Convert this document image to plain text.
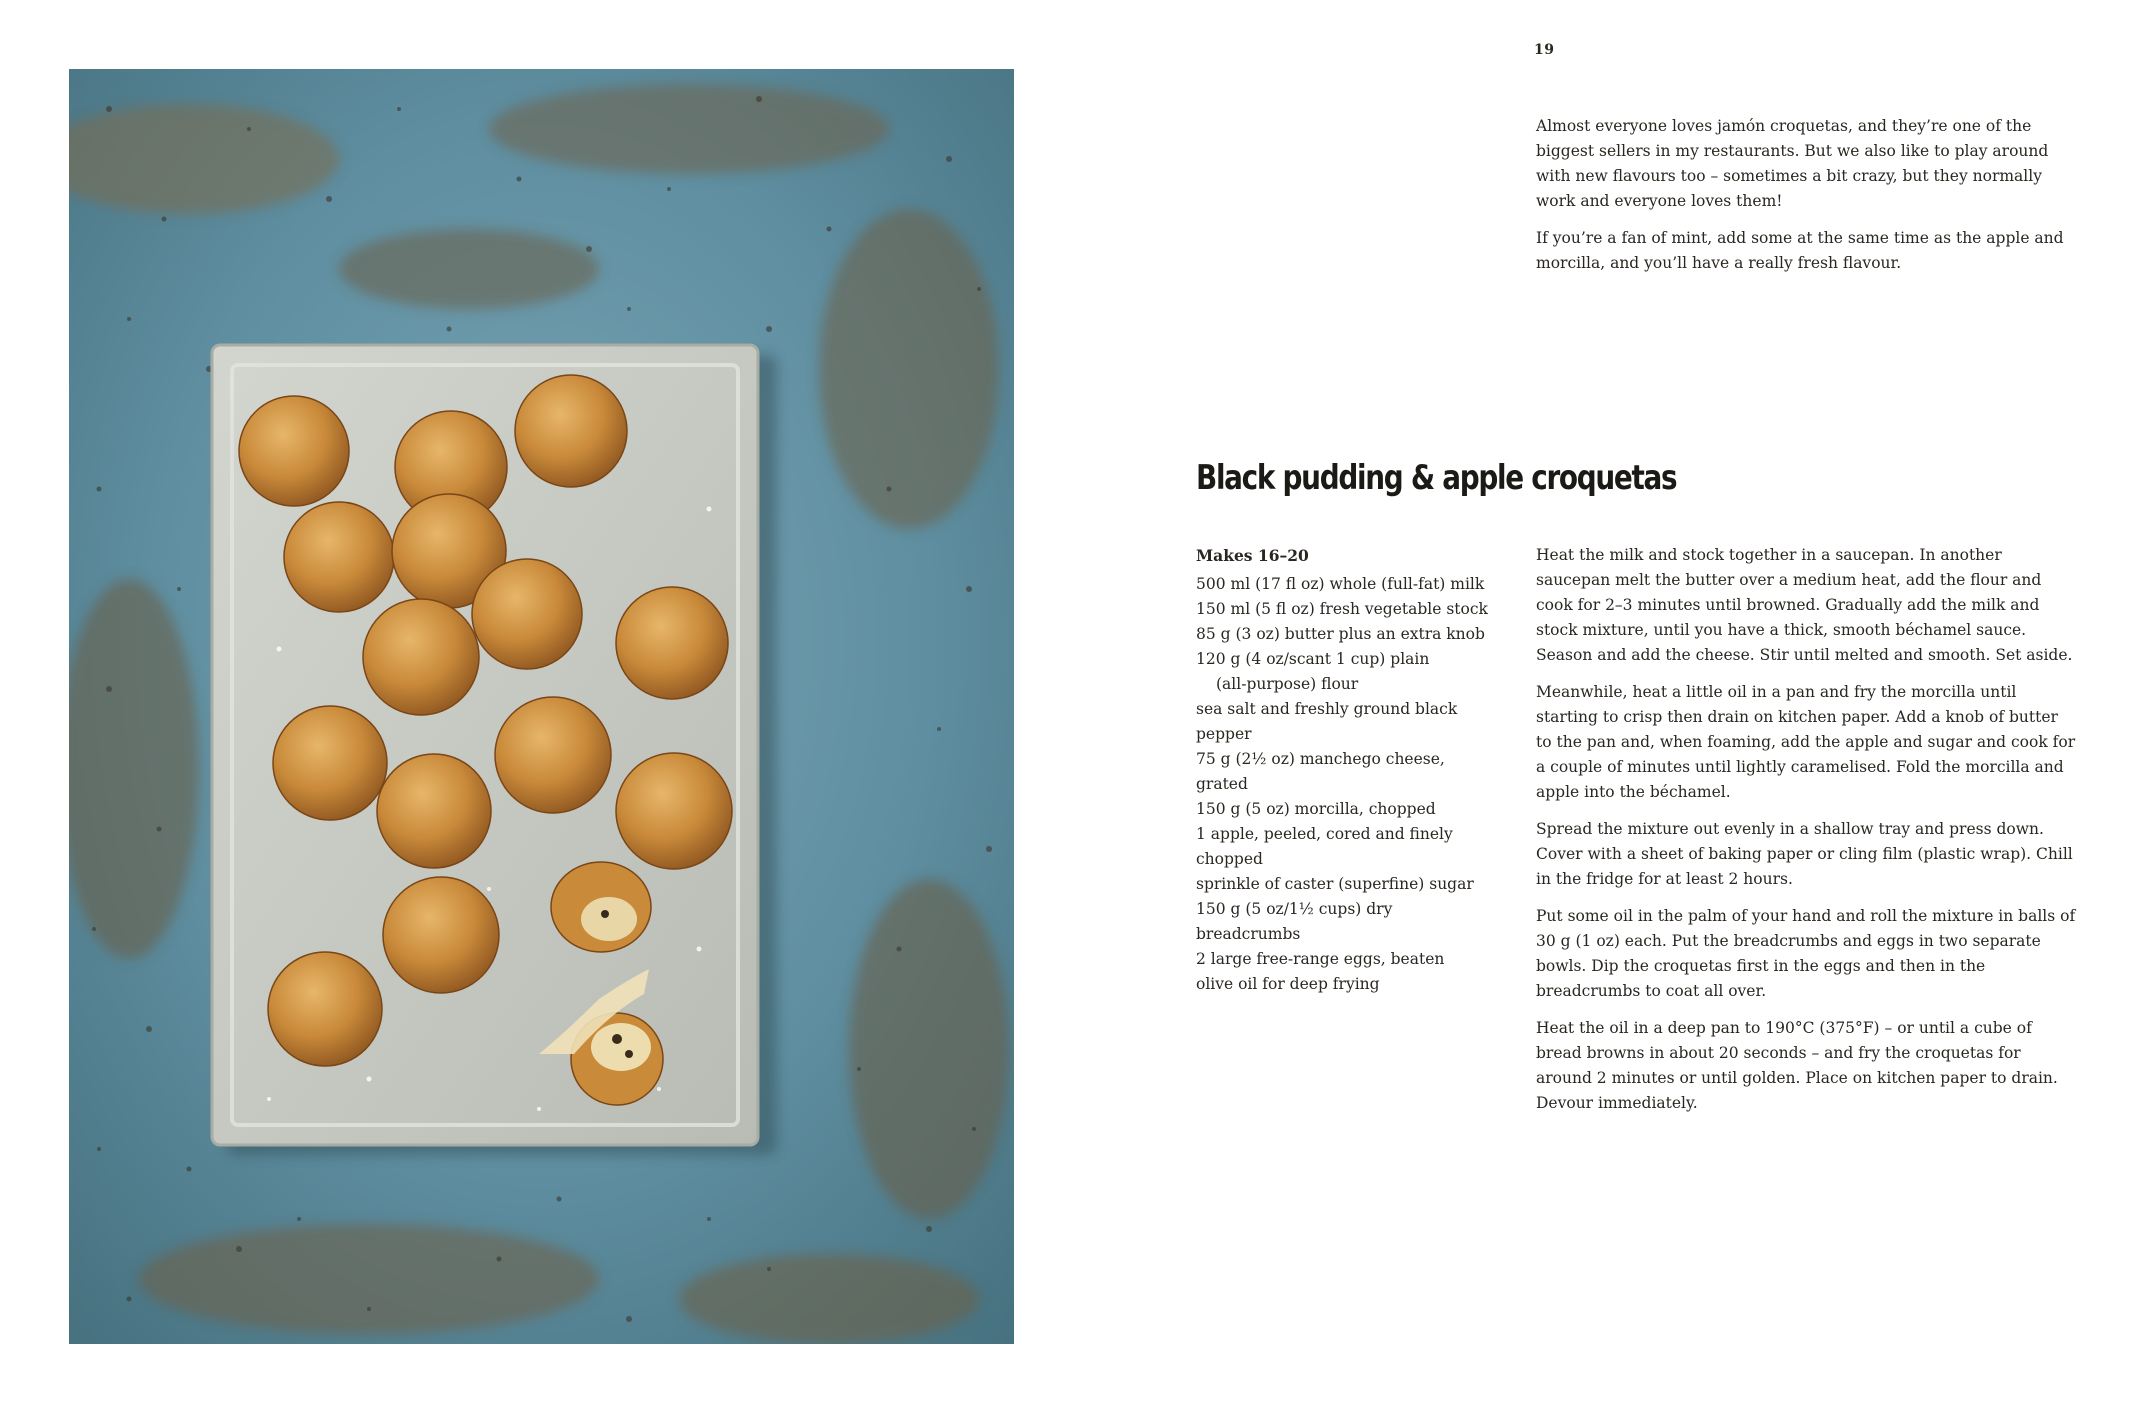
19

Almost everyone loves jamón croquetas, and they’re one of the biggest sellers in my restaurants. But we also like to play around with new flavours too – sometimes a bit crazy, but they normally work and everyone loves them!

If you’re a fan of mint, add some at the same time as the apple and morcilla, and you’ll have a really fresh flavour.

Black pudding & apple croquetas

Makes 16–20

500 ml (17 fl oz) whole (full-fat) milk
150 ml (5 fl oz) fresh vegetable stock
85 g (3 oz) butter plus an extra knob
120 g (4 oz/scant 1 cup) plain
(all-purpose) flour
sea salt and freshly ground black pepper
75 g (2½ oz) manchego cheese, grated
150 g (5 oz) morcilla, chopped
1 apple, peeled, cored and finely chopped
sprinkle of caster (superfine) sugar
150 g (5 oz/1½ cups) dry breadcrumbs
2 large free-range eggs, beaten
olive oil for deep frying

Heat the milk and stock together in a saucepan. In another saucepan melt the butter over a medium heat, add the flour and cook for 2–3 minutes until browned. Gradually add the milk and stock mixture, until you have a thick, smooth béchamel sauce. Season and add the cheese. Stir until melted and smooth. Set aside.

Meanwhile, heat a little oil in a pan and fry the morcilla until starting to crisp then drain on kitchen paper. Add a knob of butter to the pan and, when foaming, add the apple and sugar and cook for a couple of minutes until lightly caramelised. Fold the morcilla and apple into the béchamel.

Spread the mixture out evenly in a shallow tray and press down. Cover with a sheet of baking paper or cling film (plastic wrap). Chill in the fridge for at least 2 hours.

Put some oil in the palm of your hand and roll the mixture in balls of 30 g (1 oz) each. Put the breadcrumbs and eggs in two separate bowls. Dip the croquetas first in the eggs and then in the breadcrumbs to coat all over.

Heat the oil in a deep pan to 190°C (375°F) – or until a cube of bread browns in about 20 seconds – and fry the croquetas for around 2 minutes or until golden. Place on kitchen paper to drain. Devour immediately.
